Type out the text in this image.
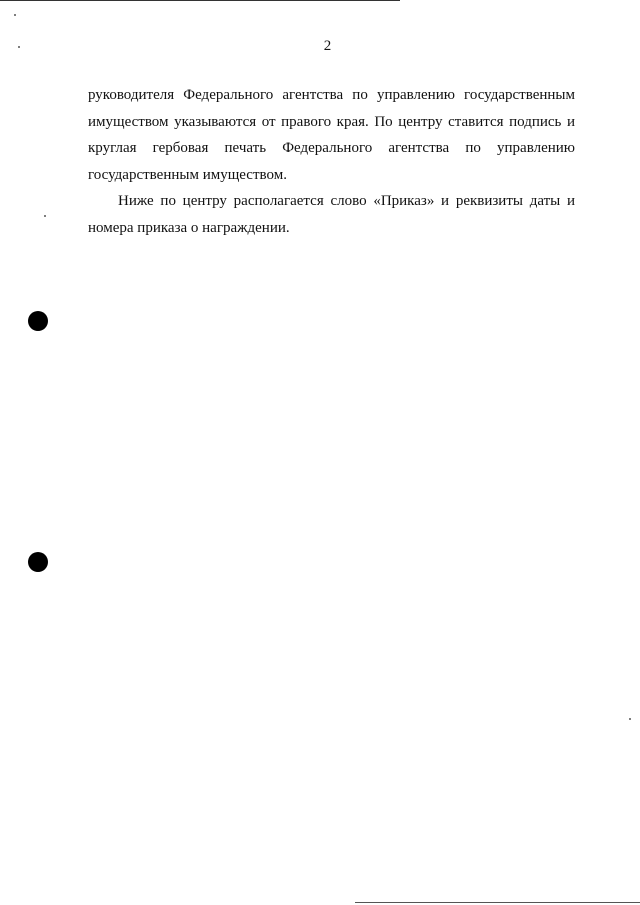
2

руководителя Федерального агентства по управлению государственным имуществом указываются от правого края. По центру ставится подпись и круглая гербовая печать Федерального агентства по управлению государственным имуществом.

Ниже по центру располагается слово «Приказ» и реквизиты даты и номера приказа о награждении.
